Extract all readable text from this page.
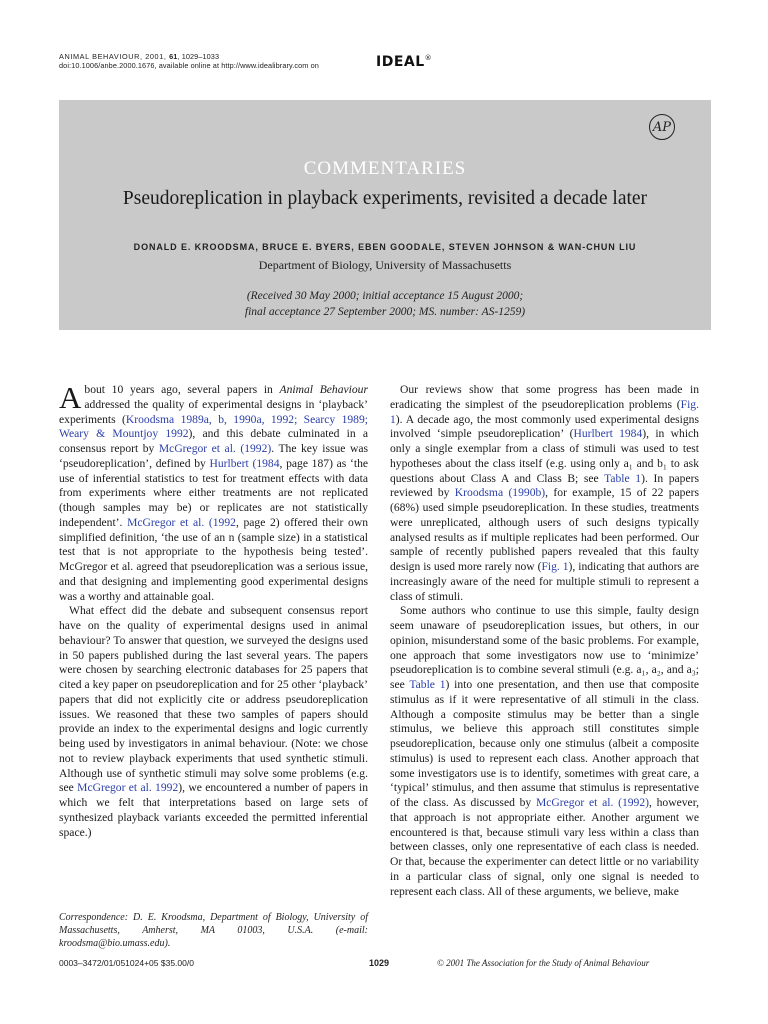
ANIMAL BEHAVIOUR, 2001, 61, 1029–1033
doi:10.1006/anbe.2000.1676, available online at http://www.idealibrary.com on	IDEAL®
AP
COMMENTARIES
Pseudoreplication in playback experiments, revisited a decade later
DONALD E. KROODSMA, BRUCE E. BYERS, EBEN GOODALE, STEVEN JOHNSON & WAN-CHUN LIU
Department of Biology, University of Massachusetts
(Received 30 May 2000; initial acceptance 15 August 2000;
final acceptance 27 September 2000; MS. number: AS-1259)

About 10 years ago, several papers in Animal Behaviour addressed the quality of experimental designs in ‘playback’ experiments (Kroodsma 1989a, b, 1990a, 1992; Searcy 1989; Weary & Mountjoy 1992), and this debate culminated in a consensus report by McGregor et al. (1992). The key issue was ‘pseudoreplication’, defined by Hurlbert (1984, page 187) as ‘the use of inferential statistics to test for treatment effects with data from experiments where either treatments are not replicated (though samples may be) or replicates are not statistically independent’. McGregor et al. (1992, page 2) offered their own simplified definition, ‘the use of an n (sample size) in a statistical test that is not appropriate to the hypothesis being tested’. McGregor et al. agreed that pseudoreplication was a serious issue, and that designing and implementing good experimental designs was a worthy and attainable goal.

What effect did the debate and subsequent consensus report have on the quality of experimental designs used in animal behaviour? To answer that question, we surveyed the designs used in 50 papers published during the last several years. The papers were chosen by searching electronic databases for 25 papers that cited a key paper on pseudoreplication and for 25 other ‘playback’ papers that did not explicitly cite or address pseudoreplication issues. We reasoned that these two samples of papers should provide an index to the experimental designs and logic currently being used by investigators in animal behaviour. (Note: we chose not to review playback experiments that used synthetic stimuli. Although use of synthetic stimuli may solve some problems (e.g. see McGregor et al. 1992), we encountered a number of papers in which we felt that interpretations based on large sets of synthesized playback variants exceeded the permitted inferential space.)

Our reviews show that some progress has been made in eradicating the simplest of the pseudoreplication problems (Fig. 1). A decade ago, the most commonly used experimental designs involved ‘simple pseudoreplication’ (Hurlbert 1984), in which only a single exemplar from a class of stimuli was used to test hypotheses about the class itself (e.g. using only a₁ and b₁ to ask questions about Class A and Class B; see Table 1). In papers reviewed by Kroodsma (1990b), for example, 15 of 22 papers (68%) used simple pseudoreplication. In these studies, treatments were unreplicated, although users of such designs typically analysed results as if multiple replicates had been performed. Our sample of recently published papers revealed that this faulty design is used more rarely now (Fig. 1), indicating that authors are increasingly aware of the need for multiple stimuli to represent a class of stimuli.

Some authors who continue to use this simple, faulty design seem unaware of pseudoreplication issues, but others, in our opinion, misunderstand some of the basic problems. For example, one approach that some investigators now use to ‘minimize’ pseudoreplication is to combine several stimuli (e.g. a₁, a₂, and a₃; see Table 1) into one presentation, and then use that composite stimulus as if it were representative of all stimuli in the class. Although a composite stimulus may be better than a single stimulus, we believe this approach still constitutes simple pseudoreplication, because only one stimulus (albeit a composite stimulus) is used to represent each class. Another approach that some investigators use is to identify, sometimes with great care, a ‘typical’ stimulus, and then assume that stimulus is representative of the class. As discussed by McGregor et al. (1992), however, that approach is not appropriate either. Another argument we encountered is that, because stimuli vary less within a class than between classes, only one representative of each class is needed. Or that, because the experimenter can detect little or no variability in a particular class of signal, only one signal is needed to represent each class. All of these arguments, we believe, make

Correspondence: D. E. Kroodsma, Department of Biology, University of Massachusetts, Amherst, MA 01003, U.S.A. (e-mail: kroodsma@bio.umass.edu).
0003–3472/01/051024+05 $35.00/0	1029	© 2001 The Association for the Study of Animal Behaviour
